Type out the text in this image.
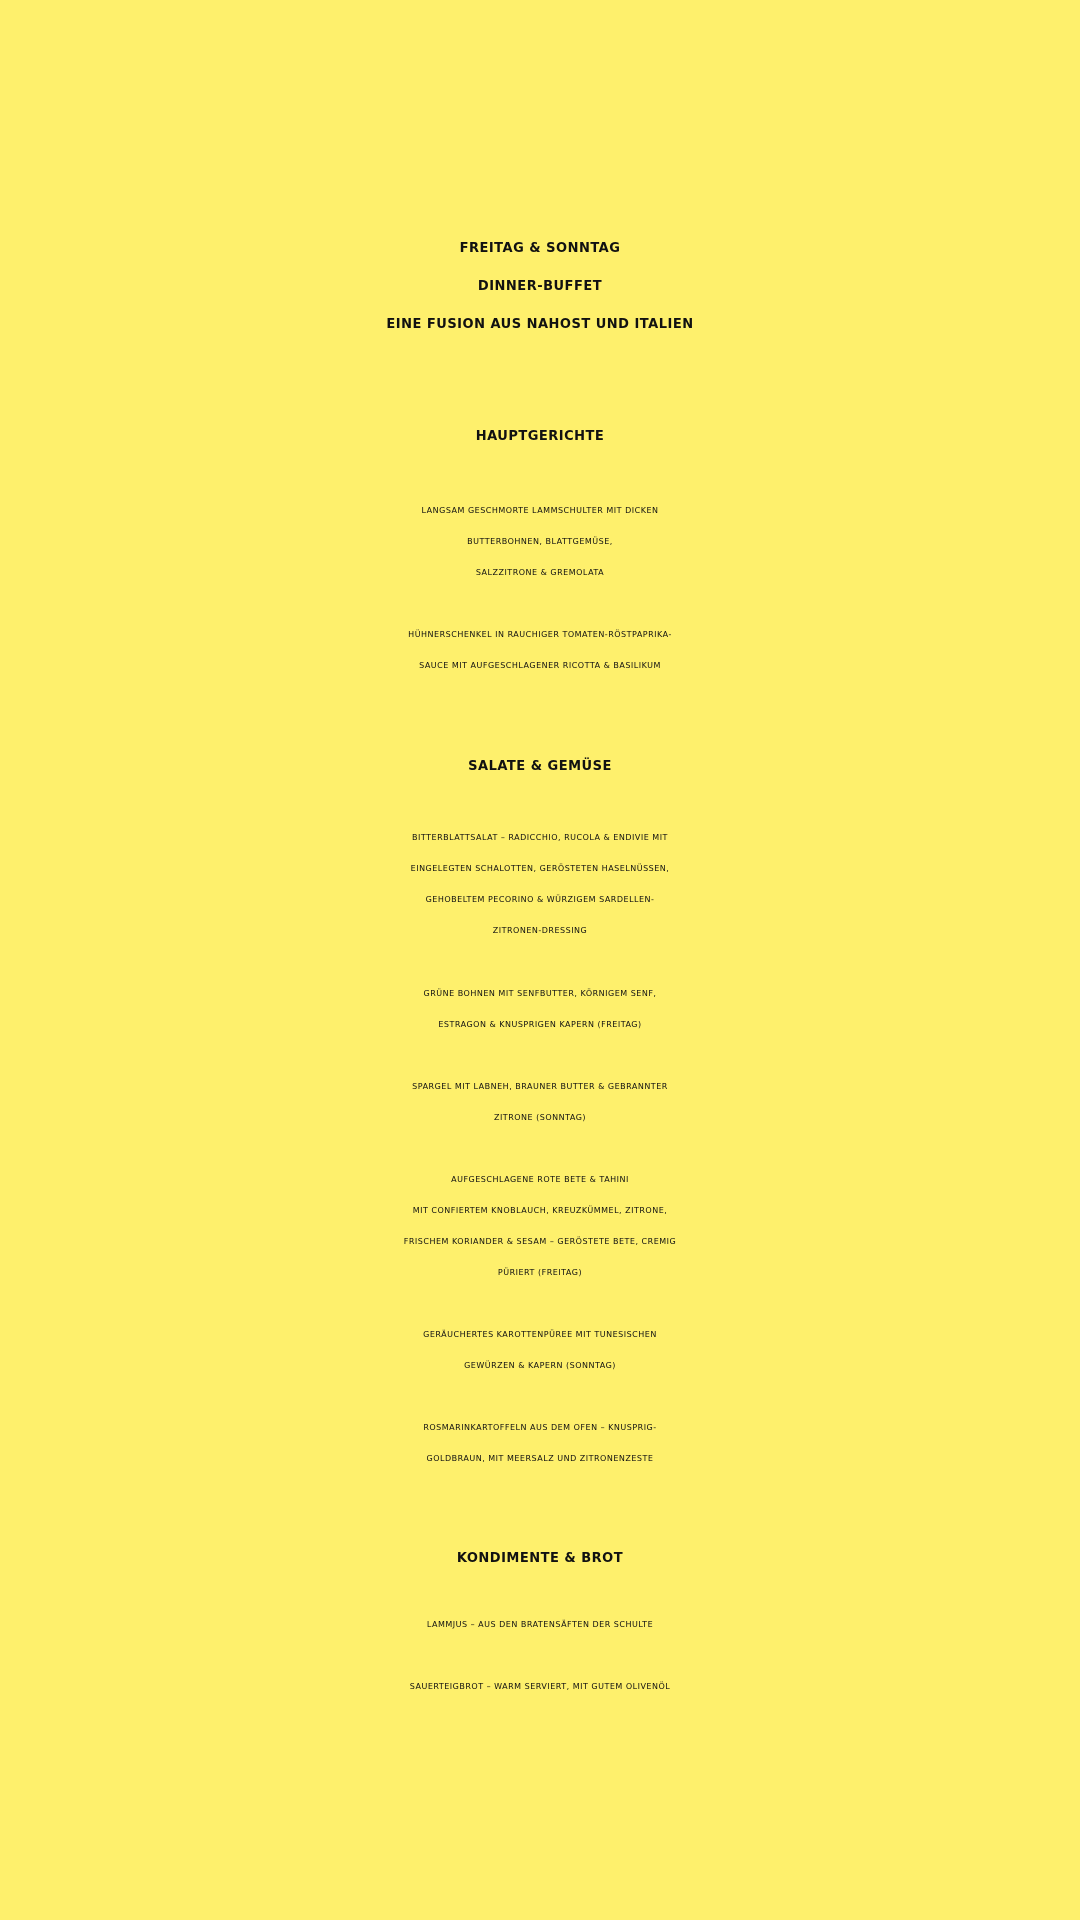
FREITAG & SONNTAG
DINNER-BUFFET
EINE FUSION AUS NAHOST UND ITALIEN
HAUPTGERICHTE
LANGSAM GESCHMORTE LAMMSCHULTER MIT DICKEN
BUTTERBOHNEN, BLATTGEMÜSE,
SALZZITRONE & GREMOLATA
HÜHNERSCHENKEL IN RAUCHIGER TOMATEN-RÖSTPAPRIKA-
SAUCE MIT AUFGESCHLAGENER RICOTTA & BASILIKUM
SALATE & GEMÜSE
BITTERBLATTSALAT – RADICCHIO, RUCOLA & ENDIVIE MIT
EINGELEGTEN SCHALOTTEN, GERÖSTETEN HASELNÜSSEN,
GEHOBELTEM PECORINO & WÜRZIGEM SARDELLEN-
ZITRONEN-DRESSING
GRÜNE BOHNEN MIT SENFBUTTER, KÖRNIGEM SENF,
ESTRAGON & KNUSPRIGEN KAPERN (FREITAG)
SPARGEL MIT LABNEH, BRAUNER BUTTER & GEBRANNTER
ZITRONE (SONNTAG)
AUFGESCHLAGENE ROTE BETE & TAHINI
MIT CONFIERTEM KNOBLAUCH, KREUZKÜMMEL, ZITRONE,
FRISCHEM KORIANDER & SESAM – GERÖSTETE BETE, CREMIG
PÜRIERT (FREITAG)
GERÄUCHERTES KAROTTENPÜREE MIT TUNESISCHEN
GEWÜRZEN & KAPERN (SONNTAG)
ROSMARINKARTOFFELN AUS DEM OFEN – KNUSPRIG-
GOLDBRAUN, MIT MEERSALZ UND ZITRONENZESTE
KONDIMENTE & BROT
LAMMJUS – AUS DEN BRATENSÄFTEN DER SCHULTE
SAUERTEIGBROT – WARM SERVIERT, MIT GUTEM OLIVENÖL
